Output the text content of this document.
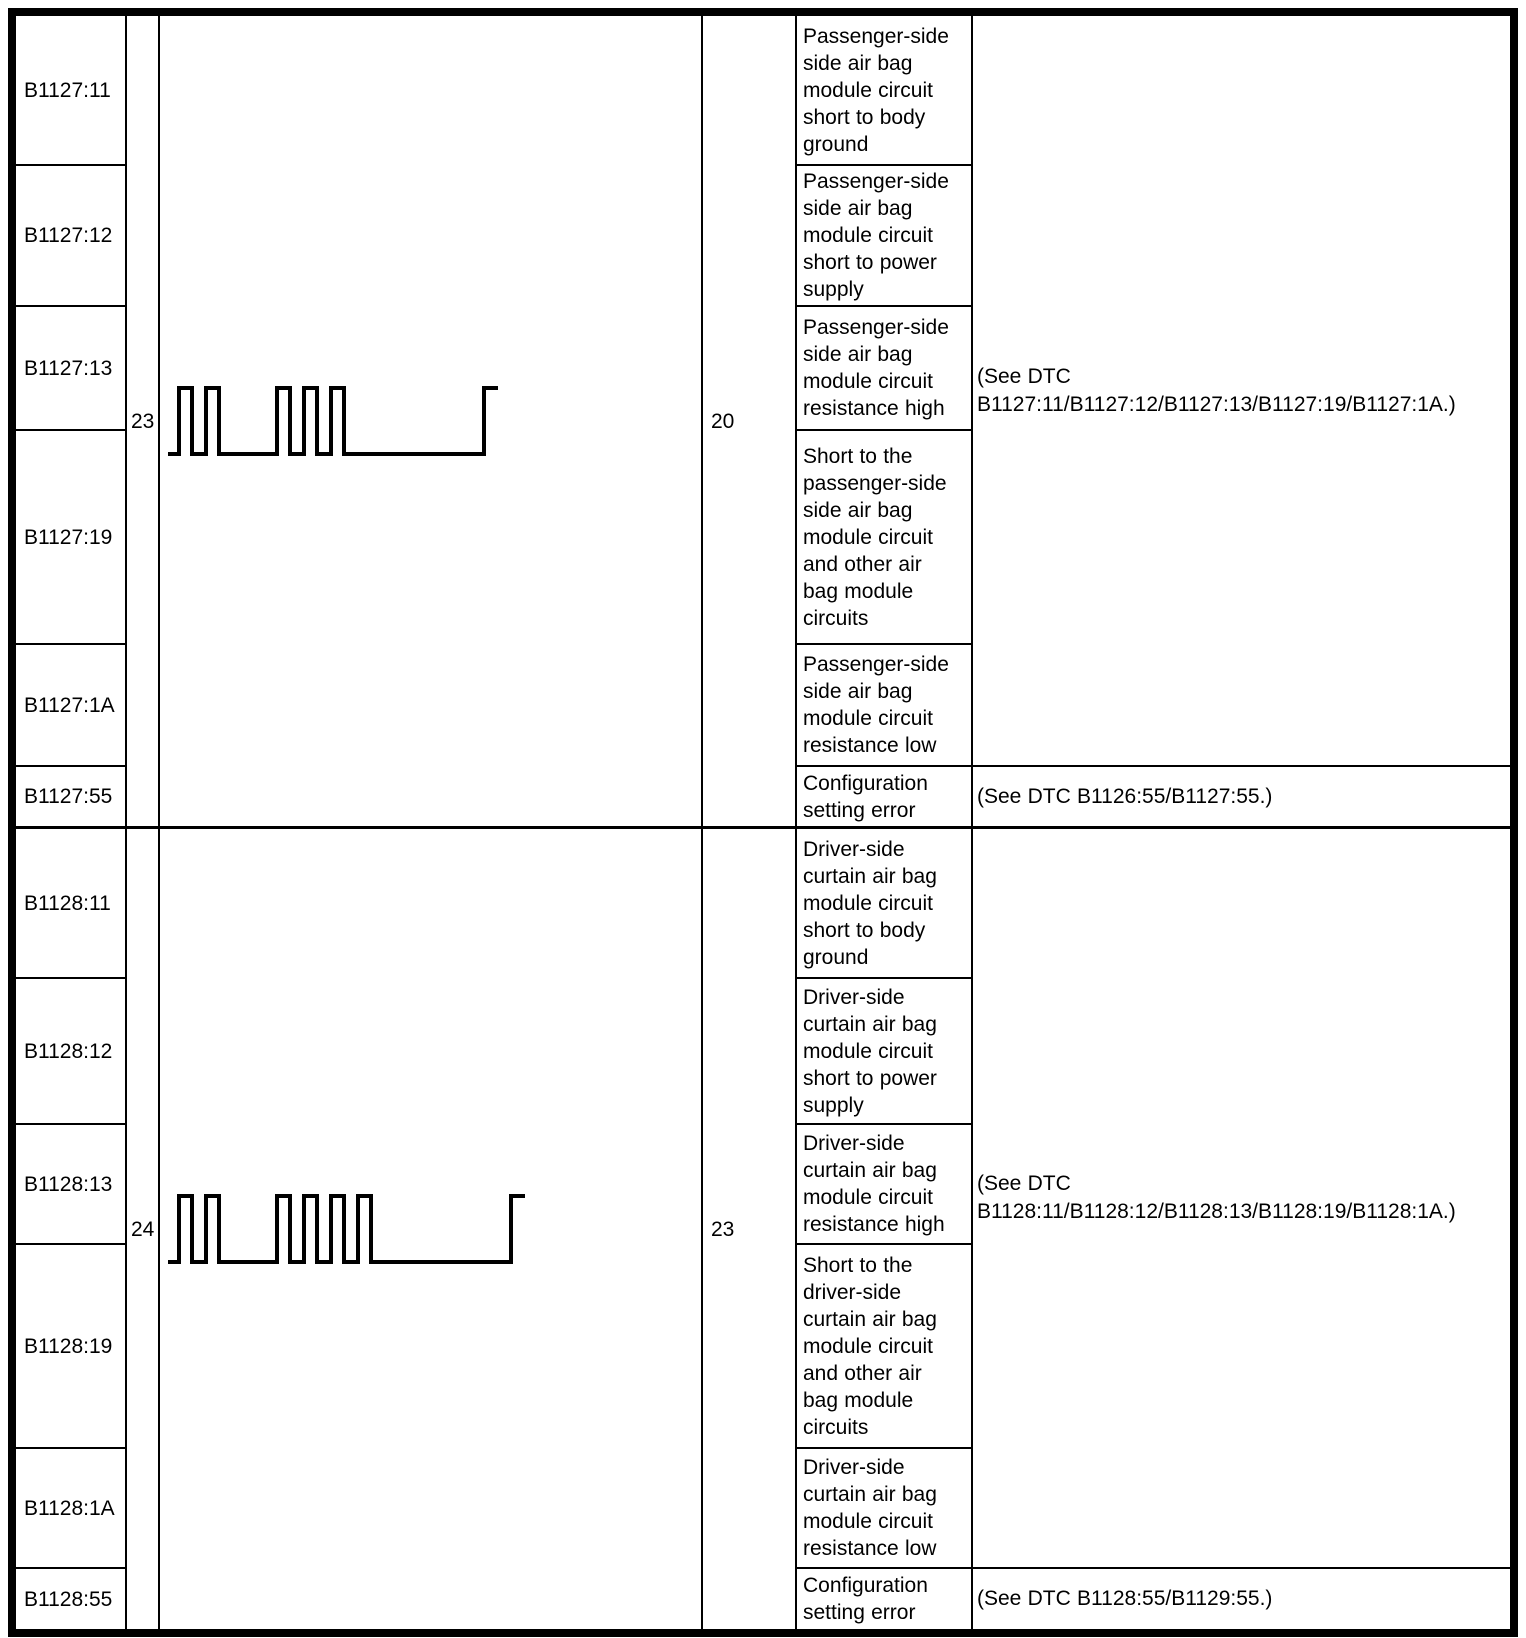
B1127:11	23		20	Passenger-side side air bag module circuit short to body ground	(See DTC B1127:11/B1127:12/B1127:13/B1127:19/B1127:1A.)
B1127:12				Passenger-side side air bag module circuit short to power supply	
B1127:13				Passenger-side side air bag module circuit resistance high	
B1127:19				Short to the passenger-side side air bag module circuit and other air bag module circuits	
B1127:1A				Passenger-side side air bag module circuit resistance low	
B1127:55				Configuration setting error	(See DTC B1126:55/B1127:55.)
B1128:11	24		23	Driver-side curtain air bag module circuit short to body ground	(See DTC B1128:11/B1128:12/B1128:13/B1128:19/B1128:1A.)
B1128:12				Driver-side curtain air bag module circuit short to power supply	
B1128:13				Driver-side curtain air bag module circuit resistance high	
B1128:19				Short to the driver-side curtain air bag module circuit and other air bag module circuits	
B1128:1A				Driver-side curtain air bag module circuit resistance low	
B1128:55				Configuration setting error	(See DTC B1128:55/B1129:55.)
